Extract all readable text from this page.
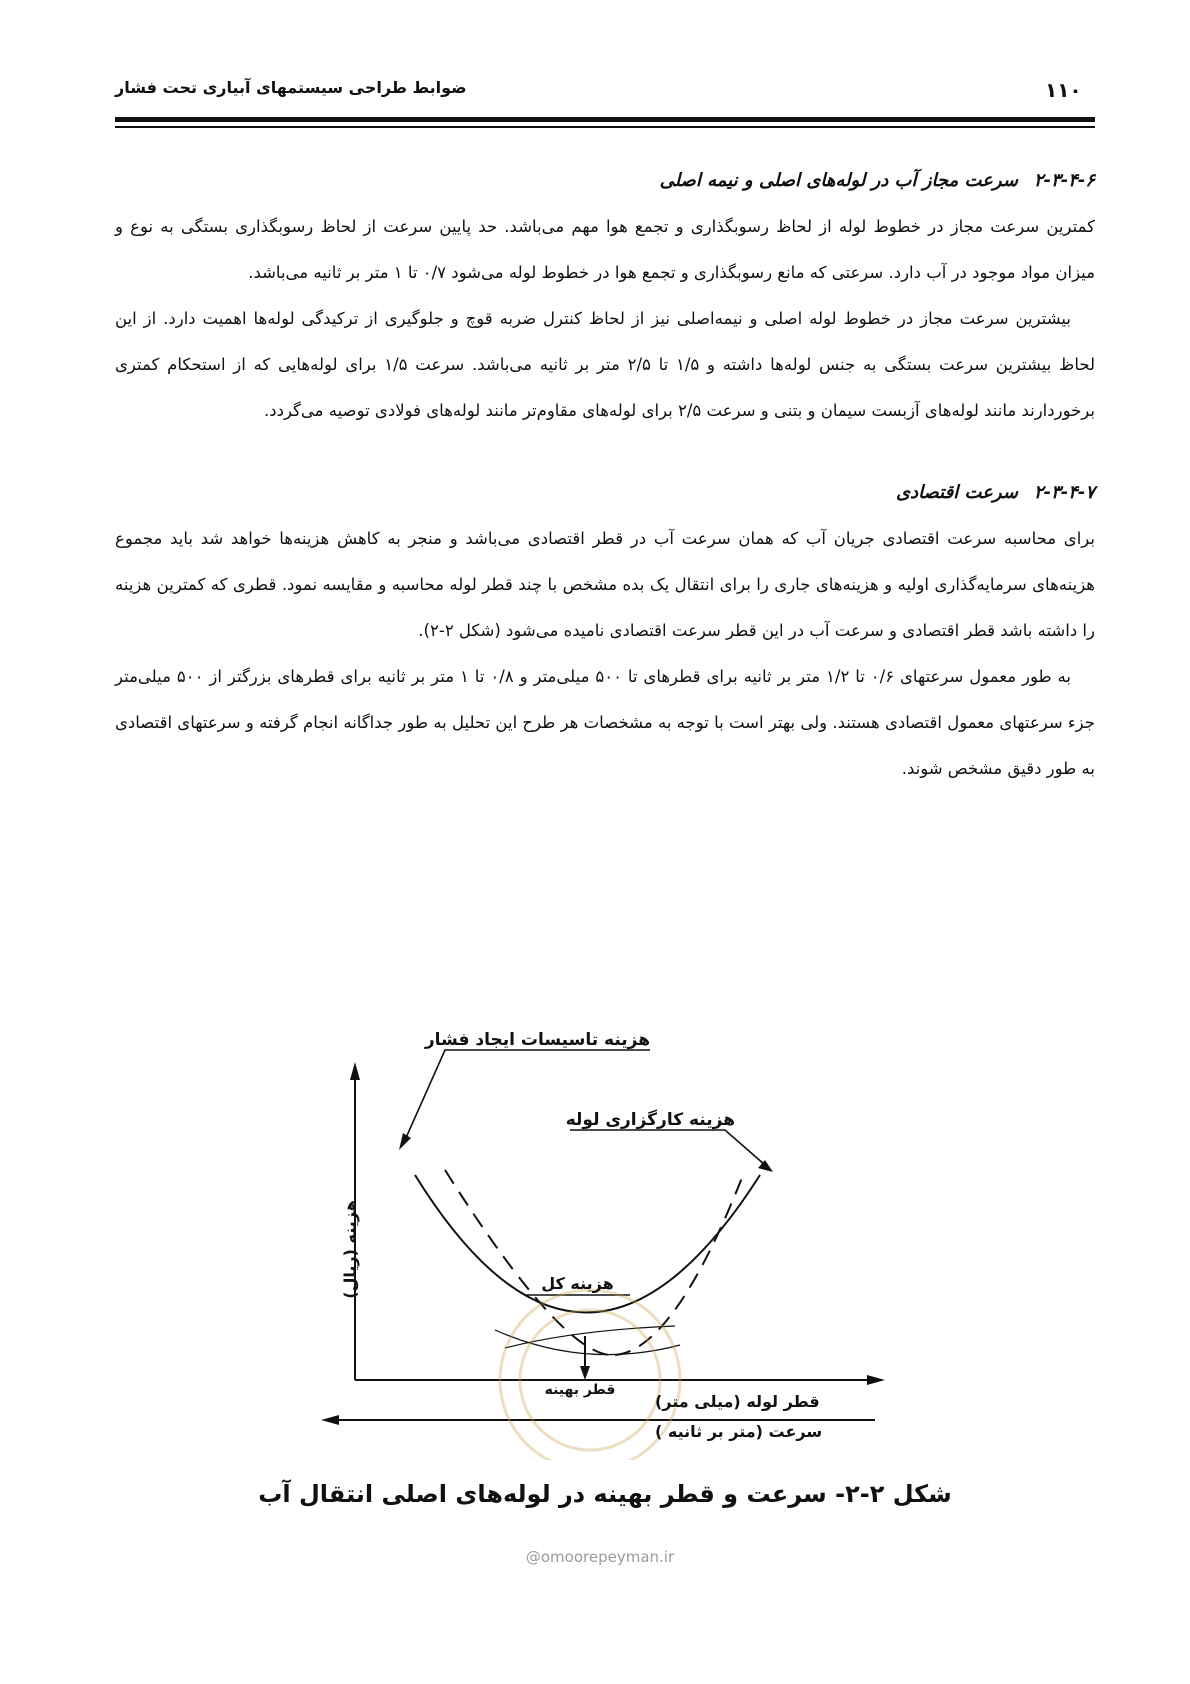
۱۱۰
ضوابط طراحی سیستمهای آبیاری تحت فشار
۲-۳-۴-۶سرعت مجاز آب در لوله‌های اصلی و نیمه اصلی

کمترین سرعت مجاز در خطوط لوله از لحاظ رسوبگذاری و تجمع هوا مهم می‌باشد. حد پایین سرعت از لحاظ رسوبگذاری بستگی به نوع و میزان مواد موجود در آب دارد. سرعتی که مانع رسوبگذاری و تجمع هوا در خطوط لوله می‌شود ۰/۷ تا ۱ متر بر ثانیه می‌باشد.

بیشترین سرعت مجاز در خطوط لوله اصلی و نیمه‌اصلی نیز از لحاظ کنترل ضربه قوچ و جلوگیری از ترکیدگی لوله‌ها اهمیت دارد. از این لحاظ بیشترین سرعت بستگی به جنس لوله‌ها داشته و ۱/۵ تا ۲/۵ متر بر ثانیه می‌باشد. سرعت ۱/۵ برای لوله‌هایی که از استحکام کمتری برخوردارند مانند لوله‌های آزبست سیمان و بتنی و سرعت ۲/۵ برای لوله‌های مقاوم‌تر مانند لوله‌های فولادی توصیه می‌گردد.

۲-۳-۴-۷سرعت اقتصادی

برای محاسبه سرعت اقتصادی جریان آب که همان سرعت آب در قطر اقتصادی می‌باشد و منجر به کاهش هزینه‌ها خواهد شد باید مجموع هزینه‌های سرمایه‌گذاری اولیه و هزینه‌های جاری را برای انتقال یک بده مشخص با چند قطر لوله محاسبه و مقایسه نمود. قطری که کمترین هزینه را داشته باشد قطر اقتصادی و سرعت آب در این قطر سرعت اقتصادی نامیده می‌شود (شکل ۲-۲).

به طور معمول سرعتهای ۰/۶ تا ۱/۲ متر بر ثانیه برای قطرهای تا ۵۰۰ میلی‌متر و ۰/۸ تا ۱ متر بر ثانیه برای قطرهای بزرگتر از ۵۰۰ میلی‌متر جزء سرعتهای معمول اقتصادی هستند. ولی بهتر است با توجه به مشخصات هر طرح این تحلیل به طور جداگانه انجام گرفته و سرعتهای اقتصادی به طور دقیق مشخص شوند.

هزینه تاسیسات ایجاد فشار
هزینه کارگزاری لوله
هزینه کل
هزینه (ریال)
قطر بهینه
قطر لوله (میلی متر)
سرعت (متر بر ثانیه )
شکل ۲-۲- سرعت و قطر بهینه در لوله‌های اصلی انتقال آب
@omoorepeyman.ir
